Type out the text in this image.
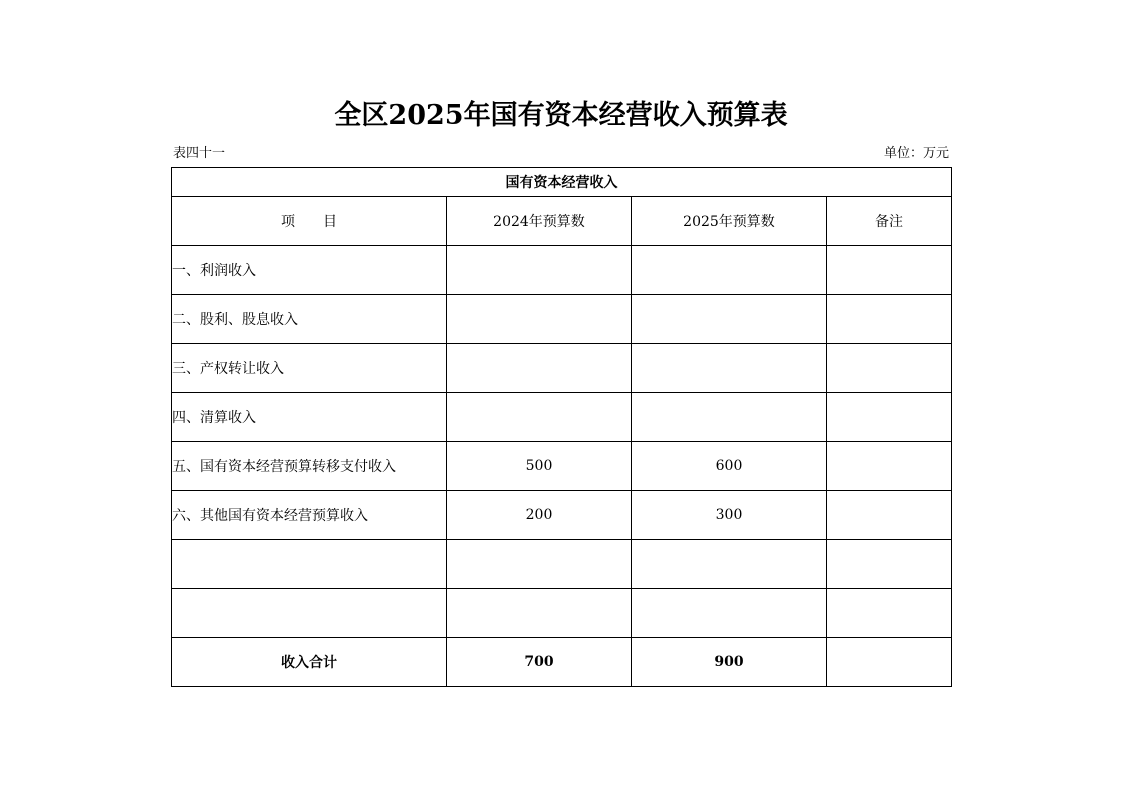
全区2025年国有资本经营收入预算表
表四十一	单位：万元
国有资本经营收入			
项　　目	2024年预算数	2025年预算数	备注
一、利润收入			
二、股利、股息收入			
三、产权转让收入			
四、清算收入			
五、国有资本经营预算转移支付收入	500	600	
六、其他国有资本经营预算收入	200	300	

收入合计	700	900	
